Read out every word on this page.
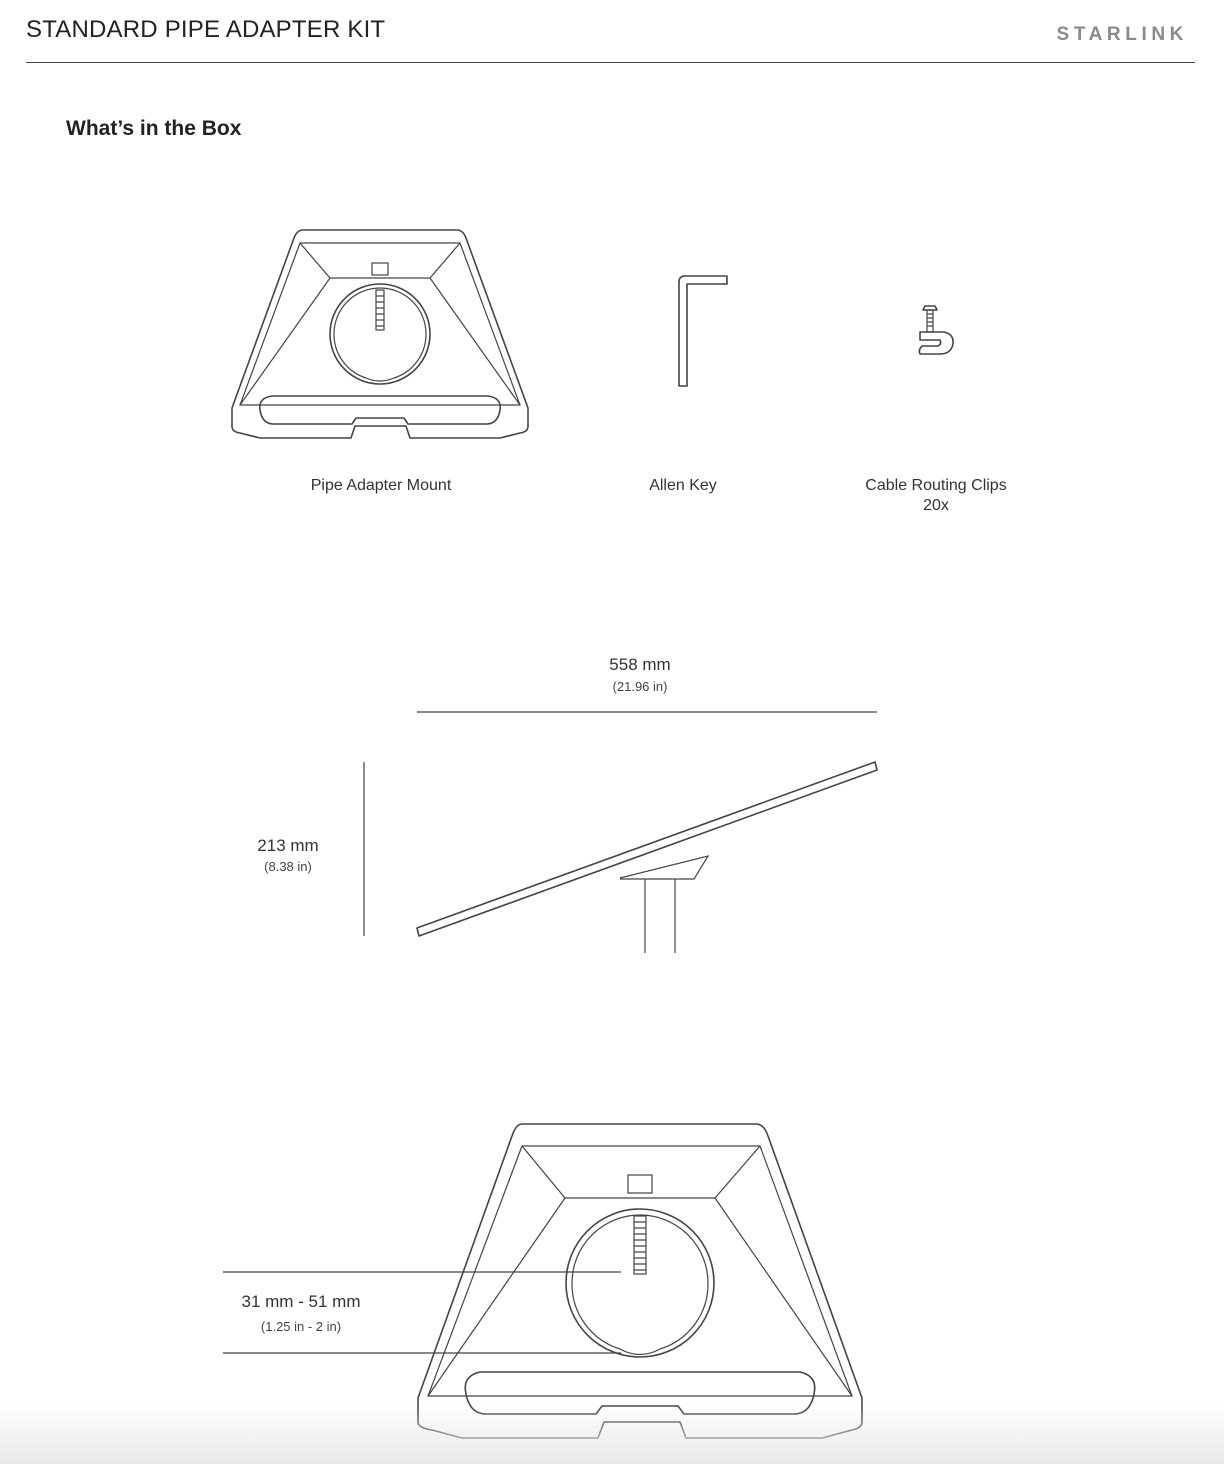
STANDARD PIPE ADAPTER KIT	STARLINK
What’s in the Box
Pipe Adapter Mount	Allen Key	Cable Routing Clips
20x
558 mm
(21.96 in)
213 mm
(8.38 in)
31 mm - 51 mm
(1.25 in - 2 in)
